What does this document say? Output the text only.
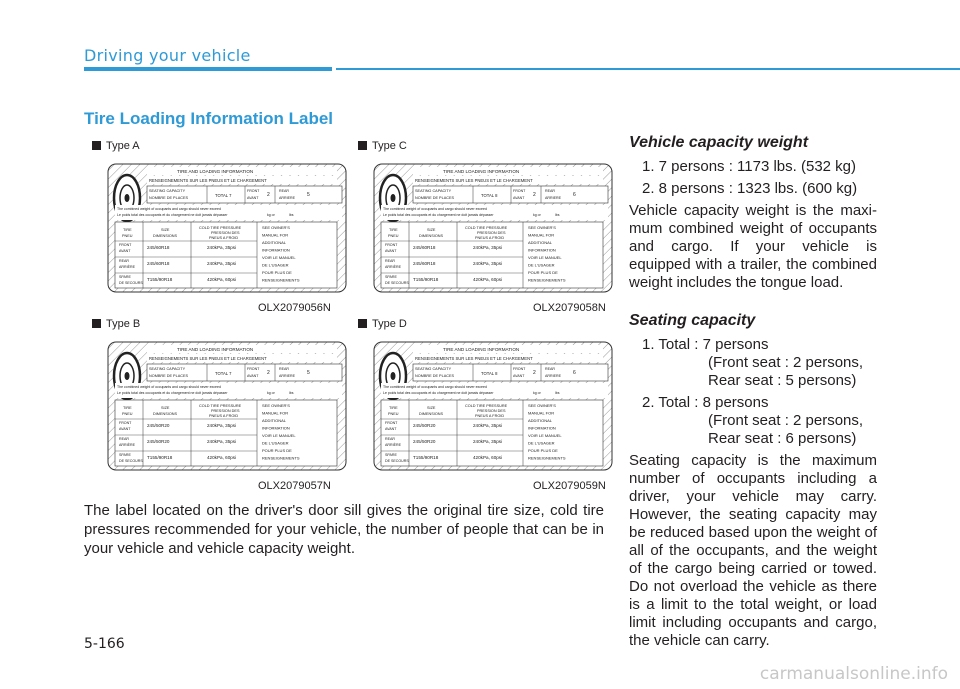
Driving your vehicle
Tire Loading Information Label
Type A
Type B
Type C
Type D
TIRE AND LOADING INFORMATION
RENSEIGNEMENTS SUR LES PNEUS ET LE CHARGEMENT
SEATING CAPACITY
NOMBRE DE PLACES	TOTAL 7
FRONT
AVANT 2
REAR
ARRIERE 5
The combined weight of occupants and cargo should never exceed
Le poids total des occupants et du chargement ne doit jamais dépasser	kg or	lbs
TIRE
PNEU
SIZE
DIMENSIONS
COLD TIRE PRESSURE
PRESSION DES
PNEUS A FROID
FRONT
AVANT
245/60R18	240kPa, 35psi
REAR
ARRIÈRE
245/60R18	240kPa, 35psi
SPARE
DE SECOURS
T155/90R18	420kPa, 60psi
SEE OWNER'S
MANUAL FOR
ADDITIONAL
INFORMATION
VOIR LE MANUEL
DE L'USAGER
POUR PLUS DE
RENSEIGNEMENTS
TIRE AND LOADING INFORMATION
RENSEIGNEMENTS SUR LES PNEUS ET LE CHARGEMENT
SEATING CAPACITY
NOMBRE DE PLACES	TOTAL 7
FRONT
AVANT 2
REAR
ARRIERE 5
The combined weight of occupants and cargo should never exceed
Le poids total des occupants et du chargement ne doit jamais dépasser	kg or	lbs
TIRE
PNEU
SIZE
DIMENSIONS
COLD TIRE PRESSURE
PRESSION DES
PNEUS A FROID
FRONT
AVANT
245/50R20	240kPa, 35psi
REAR
ARRIÈRE
245/50R20	240kPa, 35psi
SPARE
DE SECOURS
T155/90R18	420kPa, 60psi
SEE OWNER'S
MANUAL FOR
ADDITIONAL
INFORMATION
VOIR LE MANUEL
DE L'USAGER
POUR PLUS DE
RENSEIGNEMENTS
TIRE AND LOADING INFORMATION
RENSEIGNEMENTS SUR LES PNEUS ET LE CHARGEMENT
SEATING CAPACITY
NOMBRE DE PLACES	TOTAL 8
FRONT
AVANT 2
REAR
ARRIERE 6
The combined weight of occupants and cargo should never exceed
Le poids total des occupants et du chargement ne doit jamais dépasser	kg or	lbs
TIRE
PNEU
SIZE
DIMENSIONS
COLD TIRE PRESSURE
PRESSION DES
PNEUS A FROID
FRONT
AVANT
245/60R18	240kPa, 35psi
REAR
ARRIÈRE
245/60R18	240kPa, 35psi
SPARE
DE SECOURS
T155/90R18	420kPa, 60psi
SEE OWNER'S
MANUAL FOR
ADDITIONAL
INFORMATION
VOIR LE MANUEL
DE L'USAGER
POUR PLUS DE
RENSEIGNEMENTS
TIRE AND LOADING INFORMATION
RENSEIGNEMENTS SUR LES PNEUS ET LE CHARGEMENT
SEATING CAPACITY
NOMBRE DE PLACES	TOTAL 8
FRONT
AVANT 2
REAR
ARRIERE 6
The combined weight of occupants and cargo should never exceed
Le poids total des occupants et du chargement ne doit jamais dépasser	kg or	lbs
TIRE
PNEU
SIZE
DIMENSIONS
COLD TIRE PRESSURE
PRESSION DES
PNEUS A FROID
FRONT
AVANT
245/50R20	240kPa, 35psi
REAR
ARRIÈRE
245/50R20	240kPa, 35psi
SPARE
DE SECOURS
T155/90R18	420kPa, 60psi
SEE OWNER'S
MANUAL FOR
ADDITIONAL
INFORMATION
VOIR LE MANUEL
DE L'USAGER
POUR PLUS DE
RENSEIGNEMENTS
OLX2079056N
OLX2079057N
OLX2079058N
OLX2079059N
The label located on the driver's door sill gives the original tire size, cold tire pressures recommended for your vehicle, the number of people that can be in your vehicle and vehicle capacity weight.
Vehicle capacity weight
1. 7 persons : 1173 lbs. (532 kg)
2. 8 persons : 1323 lbs. (600 kg)
Vehicle capacity weight is the maxi-mum combined weight of occupants and cargo. If your vehicle is equipped with a trailer, the combined weight includes the tongue load.
Seating capacity
1. Total : 7 persons
(Front seat : 2 persons,
Rear seat : 5 persons)
2. Total : 8 persons
(Front seat : 2 persons,
Rear seat : 6 persons)
Seating capacity is the maximum number of occupants including a driver, your vehicle may carry. However, the seating capacity may be reduced based upon the weight of all of the occupants, and the weight of the cargo being carried or towed. Do not overload the vehicle as there is a limit to the total weight, or load limit including occupants and cargo, the vehicle can carry.
5-166
carmanualsonline.info
